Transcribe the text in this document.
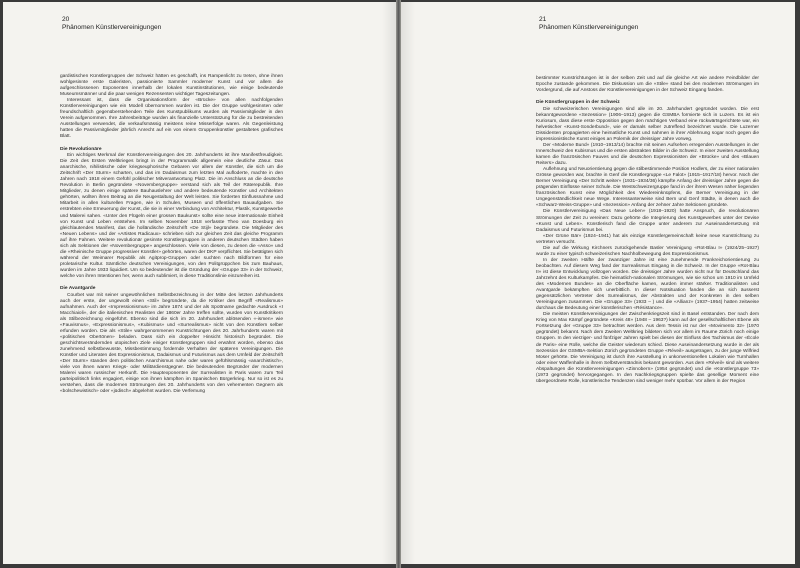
20
Phänomen Künstlervereinigungen

gardistischen Künstlergruppen der Schweiz hätten es geschafft, ins Rampenlicht zu treten, ohne ihnen wohlgesinnte erste Galeristen, passionierte Sammler moderner Kunst und vor allem die aufgeschlossenen Exponenten innerhalb der lokalen Kunstinstitutionen, wie einige bedeutende Museumsmänner und die paar wenigen Rezensenten wichtiger Tageszeitungen.

Interessant ist, dass die Organisationsform der «Brücke» von allen nachfolgenden Künstlervereinigungen wie ein Modell übernommen wurden ist. Die der Gruppe wohlgesinnten oder freundschaftlich gegenüberstehenden Teile des Kunstpublikums wurden als Passivmitglieder in den Verein aufgenommen. Ihre Jahresbeiträge wurden als finanzielle Unterstützung für die zu bestreitenden Ausstellungen verwendet, die verkaufsmässig meistens reine Misserfolge waren. Als Gegenleistung hatten die Passivmitglieder jährlich Anrecht auf ein von einem Gruppenkünstler gestaltetes grafisches Blatt.

Die Revolutionäre

Ein wichtiges Merkmal der Künstlervereinigungen des 20. Jahrhunderts ist ihre Manifestfreudigkeit. Die Zeit des Ersten Weltkrieges bringt in der Programmatik allgemein eine deutliche Zäsur. Das anarchische, nihilistische oder kriegseuphorische Gebaren vor allem der Künstler, die sich um die Zeitschrift «Der Sturm» scharten, und das im Dadaismus zum letzten Mal aufloderte, machte in den Jahren nach 1918 einem Gefühl politischer Mitverantwortung Platz. Die im Anschluss an die deutsche Revolution in Berlin gegründete «Novembergruppe» verstand sich als Teil der Räterepublik. Ihre Mitglieder, zu denen einige spätere Bauhauslehrer und andere bedeutende Künstler und Architekten gehörten, wollten ihren Beitrag an die Neugestaltung der Welt leisten. Sie forderten Einflussnahme und Mitarbeit in allen kulturellen Fragen, wie in Schulen, Museen und öffentlichen Bauaufgaben. Sie erstrebten eine Erneuerung der Kunst, die sie in einer Verbindung von Architektur, Plastik, Kunstgewerbe und Malerei sahen. «Unter den Flügeln einer grossen Baukunst» sollte eine neue internationale Einheit von Kunst und Leben entstehen. Im selben November 1918 verfasste Theo van Doesburg ein gleichlautendes Manifest, das die holländische Zeitschrift «De Stijl» begründete. Die Mitglieder des «Neuen Lebens» und der «Artistes Radicaux» schrieben sich zur gleichen Zeit das gleiche Programm auf ihre Fahnen. Weitere revolutionär gesinnte Künstlergruppen in anderen deutschen Städten haben sich als Sektionen der «Novembergruppe» angeschlossen. Viele von diesen, zu denen die «Asso» und die «Rheinische Gruppe progressiver Künstler» gehörten, waren der DKP verpflichtet. Sie betätigten sich während der Weimarer Republik als Agitprop-Gruppen oder suchten nach Bildformen für eine proletarische Kultur. Sämtliche deutschen Vereinigungen, von den Politgrüppchen bis zum Bauhaus, wurden im Jahre 1933 liquidiert. Um so bedeutender ist die Gründung der «Gruppe 33» in der Schweiz, welche von ihren Intentionen her, wenn auch sublimiert, in diese Traditionslinie einzureihen ist.

Die Avantgarde

Courbet war mit seiner ungewöhnlichen Selbstbezeichnung in der Mitte des letzten Jahrhunderts auch der erste, der ungewollt einen «Stil» begründete, da die Kritiker den Begriff «Realismus» aufnahmen. Auch der «Impressionismus» im Jahre 1874 und der als Spottname gedachte Ausdruck «I Macchiaioli», der die italienischen Realisten der 1860er Jahre treffen sollte, wurden von Kunstkritikern als Stilbezeichnung eingeführt. Ebenso sind die sich im 20. Jahrhundert ablösenden «-ismen» wie «Fauvismus», «Expressionismus», «Kubismus» und «Surrealismus» nicht von den Künstlern selber erfunden worden. Die als «Stile» wahrgenommenen Kunstrichtungen des 20. Jahrhunderts waren mit «politischen Obertönen» beladen. Dass sich ein doppelter Hinsicht historisch begründet. Die geschichtsverändernden utopischen Ziele einiger Künstlergruppen sind erwähnt worden, ebenso das zunehmend selbstbewusste, Missbestimmung fordernde Verhalten der späteren Vereinigungen. Die Künstler und Literaten des Expressionismus, Dadaismus und Futurismus aus dem Umfeld der Zeitschrift «Der Sturm» standen dem politischen Anarchismus nahe oder waren gefühlsmässig «anarchistisch», viele von ihnen waren Kriegs- oder Militärdienstgegner. Die bedeutenden Begründer der modernen Malerei waren russischer Herkunft. Die Hauptexponenten der Surrealisten in Paris waren zum Teil parteipolitisch links engagiert, einige von ihnen kämpften im Spanischen Bürgerkrieg. Nur so ist es zu verstehen, dass die modernen Strömungen des 20. Jahrhunderts von den vehementen Gegnern als «bolschewistisch» oder «jüdisch» abgelehnt wurden. Die Verfemung

21
Phänomen Künstlervereinigungen

bestimmter Kunstrichtungen ist in der selben Zeit und auf die gleiche Art wie andere Feindbilder der Epoche zustande gekommen. Die Diskussion um die «Stile» stand bei den modernen Strömungen im Vordergrund, die auf Anstoss der Künstlervereinigungen in der Schweiz Eingang fanden.

Die Künstlergruppen in der Schweiz

Die schweizerischen Vereinigungen sind alle im 20. Jahrhundert gegründet worden. Die erst bekanntgewordene «Sezession» (1906–1913) gegen die GSMBA formierte sich in Luzern. Es ist ein Kuriosum, dass diese erste Opposition gegen den mächtigen Verband eine rückwärtsgerichtete war, ein helvetischer «Kunst-Sonderbund», wie er damals selber zutreffend bezeichnet wurde. Die Luzerner Dissidenten propagierten eine heimatliche Kunst und nahmen in ihrer Ablehnung sogar noch gegen die impressionistische Kunst einiges an Polemik der dreissiger Jahre vorweg.

Der «Moderne Bund» (1910–1913/14) brachte mit seinen Aufsehen erregenden Ausstellungen in der Innerschweiz den Kubismus und die ersten abstrakten Bilder in die Schweiz. In einer zweiten Ausstellung kamen die französischen Fauves und die deutschen Expressionisten der «Brücke» und des «Blauen Reiters» dazu.

Auflehnung und Neuorientierung gegen die stilbestimmende Position Hodlers, der zu einer nationalen Grösse geworden war, brachte in Genf die Künstlergruppe «Le Falot» (1915–1917/18) hervor. Noch der Berner Vereinigung «Der Schritt weiter» (1931–1934/36) kämpfte Anfang der dreissiger Jahre gegen die prägenden Einflüsse seiner Schule. Die Westschweizergruppe fand in der ihrem Wesen näher liegenden französischen Kunst eine Möglichkeit des Wiedereinknüpfens, die Berner Vereinigung in der Ungegenständlichkeit neue Wege. Interessanterweise sind Bern und Genf Städte, in denen auch die «Schwarz-Weiss-Gruppe» und «Sezession» Anfang der zehner Jahre Sektionen gründete.

Die Künstlervereinigung «Das Neue Leben» (1918–1920) hatte Anspruch, die revolutionären Strömungen der Zeit zu vereinen: Dazu gehörte die Integrierung des Kunstgewerbes unter der Devise «Kunst und Leben». Künstlerisch fand die Gruppe unter anderem zur Auseinandersetzung mit Dadaismus und Futurismus bei.

«Der Grüne Bär» (1924–1941) hat als einzige Künstlergemeinschaft keine neue Kunstrichtung zu vertreten versucht.

Die auf die Wirkung Kirchners zurückgehende Basler Vereinigung «Rot-Blau I» (1924/25–1927) wurde zu einer typisch schweizerischen Nachholbewegung des Expressionismus.

In der zweiten Hälfte der zwanziger Jahre ist eine zunehmende Frankreichorientierung zu beobachten. Auf diesem Weg fand der Surrealismus Eingang in die Schweiz. In der Gruppe «Rot-Blau II» ist diese Entwicklung vollzogen worden. Die dreissiger Jahre wurden nicht nur für Deutschland das Jahrzehnt des Kulturkampfes. Die heimatlich-nationalen Strömungen, wie sie schon um 1910 im Umfeld des «Modernen Bundes» an die Oberfläche kamen, wurden immer stärker. Traditionalisten und Avantgarde bekämpften sich unerbittlich. In dieser Notsituation fanden die an sich äusserst gegensätzlichen Vertreter des Surrealismus, der Abstrakten und der Konkreten in den selben Vereinigungen zusammen. Die «Gruppe 33» (1933 – ) und die «Allianz» (1937–1954) hatten zeitweise durchaus die Bedeutung einer künstlerischen «Résistance».

Die meisten Künstlervereinigungen der Zwischenkriegszeit sind in Basel entstanden. Der nach dem Krieg von Max Kämpf gegründete «Kreis 48» (1948 – 1963?) kann auf der gesellschaftlichen Ebene als Fortsetzung der «Gruppe 33» betrachtet werden. Aus dem Tessin ist nur der «Movimento 32» (1970 gegründet) bekannt. Nach dem Zweiten Weltkrieg bildeten sich vor allem im Raume Zürich noch einige Gruppen. In den vierziger- und fünfziger Jahren spielt bei diesen der Einfluss des Tachismus der «École de Paris» eine Rolle, welche die Geister wiederum schied. Diese Auseinandersetzung wurde in der als Sezession der GSMBA-Sektion Zürich gegründeten Gruppe «Réveil» ausgetragen, zu der junge Wilfried Moser gehörte. Die Vereinigung ist durch ihre Ausstellung in unkonventionellen Lokalen wie Turnhallen oder einer Waffenhalle in ihrem Selbstverständnis bekannt geworden. Aus dem «Réveil» sind als weitere Abspaltungen die Künstlervereinigungen «Zinnobern» (1954 gegründet) und die «Künstlergruppe 73» (1973 gegründet) hervorgegangen. In den Nachkriegsgruppen spielte das gesellige Moment eine übergeordnete Rolle, künstlerische Tendenzen sind weniger mehr spürbar. Vor allem in der Region
